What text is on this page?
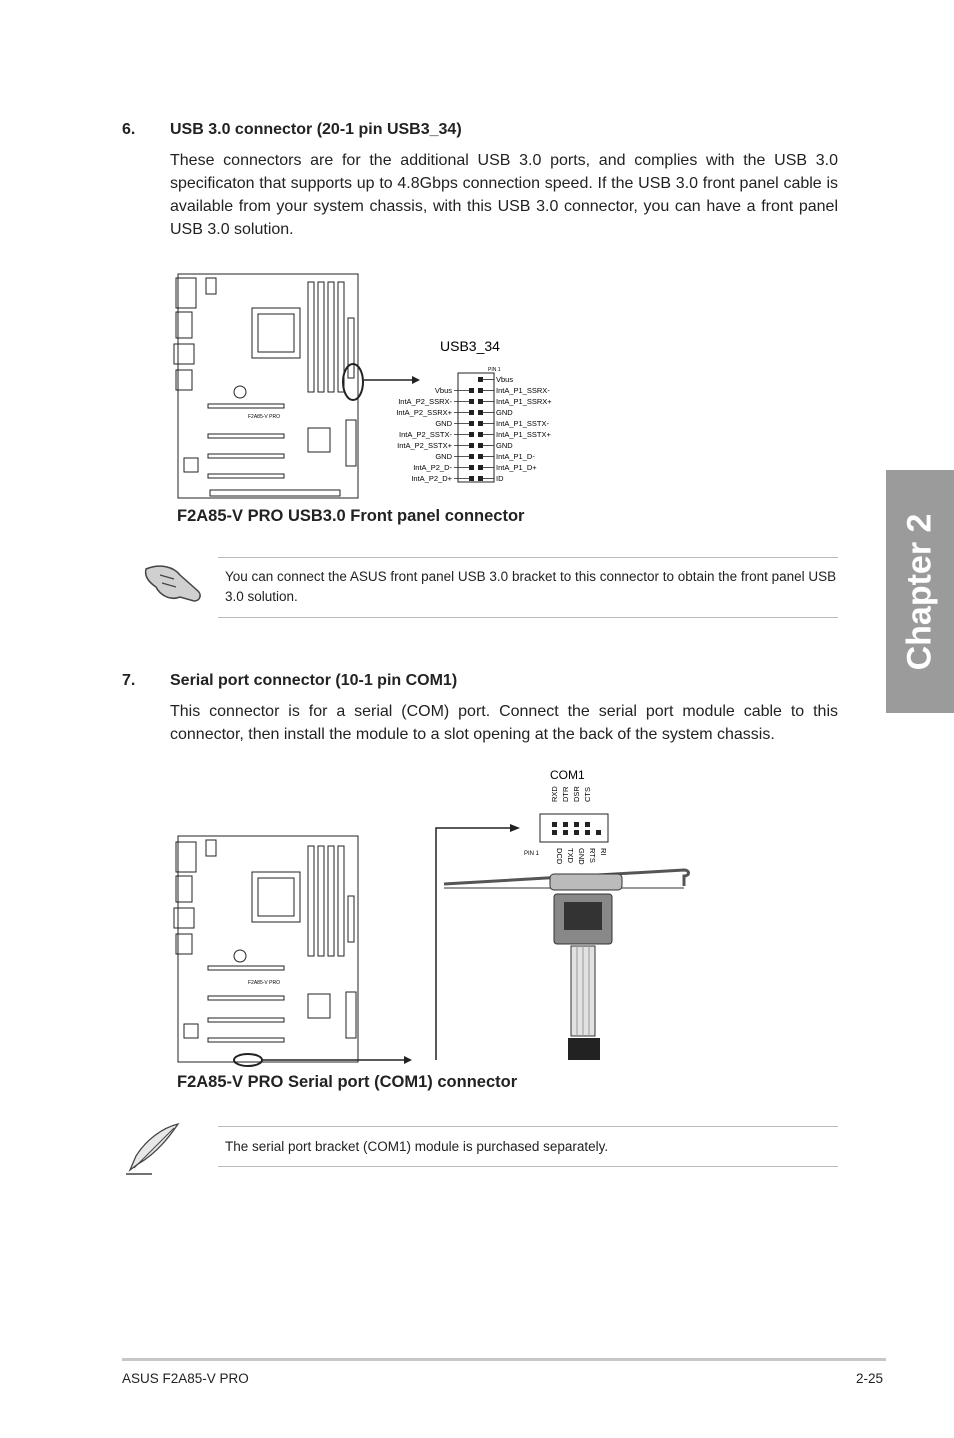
6. USB 3.0 connector (20-1 pin USB3_34)
These connectors are for the additional USB 3.0 ports, and complies with the USB 3.0 specificaton that supports up to 4.8Gbps connection speed. If the USB 3.0 front panel cable is available from your system chassis, with this USB 3.0 connector, you can have a front panel USB 3.0 solution.
F2A85-V PRO
USB3_34
PIN 1
Vbus
IntA_P2_SSRX-
IntA_P2_SSRX+
GND
IntA_P2_SSTX-
IntA_P2_SSTX+
GND
IntA_P2_D-
IntA_P2_D+
Vbus
IntA_P1_SSRX-
IntA_P1_SSRX+
GND
IntA_P1_SSTX-
IntA_P1_SSTX+
GND
IntA_P1_D-
IntA_P1_D+
ID
F2A85-V PRO USB3.0 Front panel connector
You can connect the ASUS front panel USB 3.0 bracket to this connector to obtain the front panel USB 3.0 solution.
7. Serial port connector (10-1 pin COM1)
This connector is for a serial (COM) port. Connect the serial port module cable to this connector, then install the module to a slot opening at the back of the system chassis.
F2A85-V PRO
COM1
PIN 1
RXD DTR DSR CTS
DCD TXD GND RTS RI
F2A85-V PRO Serial port (COM1) connector
The serial port bracket (COM1) module is purchased separately.
Chapter 2
ASUS F2A85-V PRO	2-25
